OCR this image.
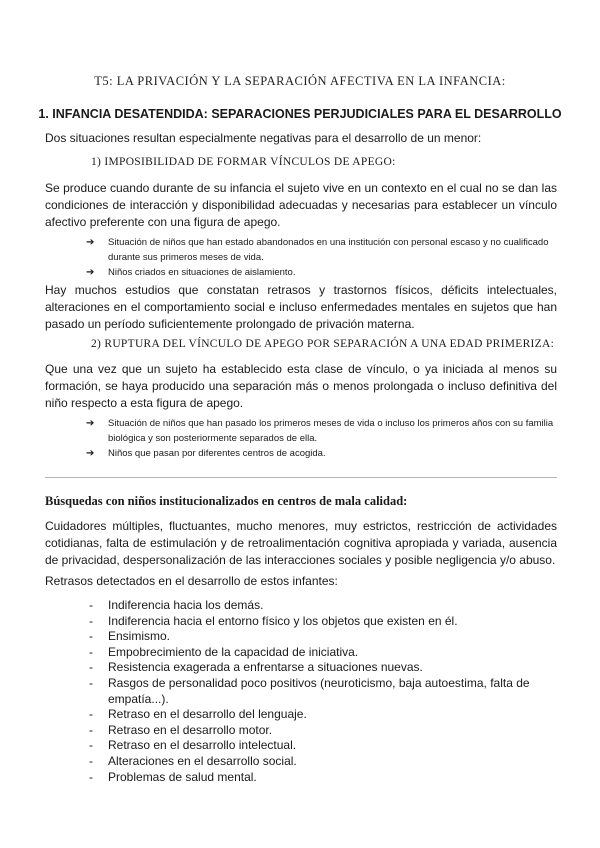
T5: LA PRIVACIÓN Y LA SEPARACIÓN AFECTIVA EN LA INFANCIA:
1. INFANCIA DESATENDIDA: SEPARACIONES PERJUDICIALES PARA EL DESARROLLO
Dos situaciones resultan especialmente negativas para el desarrollo de un menor:
1) IMPOSIBILIDAD DE FORMAR VÍNCULOS DE APEGO:
Se produce cuando durante de su infancia el sujeto vive en un contexto en el cual no se dan las condiciones de interacción y disponibilidad adecuadas y necesarias para establecer un vínculo afectivo preferente con una figura de apego.
➔ Situación de niños que han estado abandonados en una institución con personal escaso y no cualificado durante sus primeros meses de vida.
➔ Niños criados en situaciones de aislamiento.
Hay muchos estudios que constatan retrasos y trastornos físicos, déficits intelectuales, alteraciones en el comportamiento social e incluso enfermedades mentales en sujetos que han pasado un período suficientemente prolongado de privación materna.
2) RUPTURA DEL VÍNCULO DE APEGO POR SEPARACIÓN A UNA EDAD PRIMERIZA:
Que una vez que un sujeto ha establecido esta clase de vínculo, o ya iniciada al menos su formación, se haya producido una separación más o menos prolongada o incluso definitiva del niño respecto a esta figura de apego.
➔ Situación de niños que han pasado los primeros meses de vida o incluso los primeros años con su familia biológica y son posteriormente separados de ella.
➔ Niños que pasan por diferentes centros de acogida.
Búsquedas con niños institucionalizados en centros de mala calidad:
Cuidadores múltiples, fluctuantes, mucho menores, muy estrictos, restricción de actividades cotidianas, falta de estimulación y de retroalimentación cognitiva apropiada y variada, ausencia de privacidad, despersonalización de las interacciones sociales y posible negligencia y/o abuso.
Retrasos detectados en el desarrollo de estos infantes:
- Indiferencia hacia los demás.
- Indiferencia hacia el entorno físico y los objetos que existen en él.
- Ensimismo.
- Empobrecimiento de la capacidad de iniciativa.
- Resistencia exagerada a enfrentarse a situaciones nuevas.
- Rasgos de personalidad poco positivos (neuroticismo, baja autoestima, falta de empatía...).
- Retraso en el desarrollo del lenguaje.
- Retraso en el desarrollo motor.
- Retraso en el desarrollo intelectual.
- Alteraciones en el desarrollo social.
- Problemas de salud mental.
